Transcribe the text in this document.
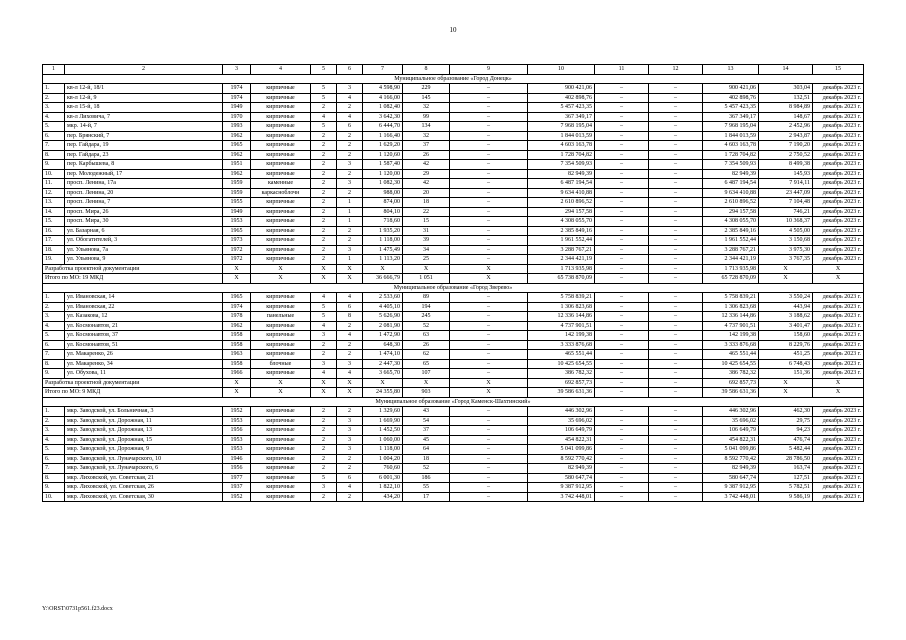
10
1	2	3	4	5	6	7	8	9	10	11	12	13	14	15
Муниципальное образование «Город Донецк»														
1.	кв-л 12-й, 18/1	1974	кирпичные	5	3	4 598,90	229	–	900 421,06	–	–	900 421,06	303,04	декабрь 2023 г.
2.	кв-л 12-й, 9	1974	кирпичные	5	4	4 166,00	145	–	402 898,76	–	–	402 898,76	132,51	декабрь 2023 г.
3.	кв-л 15-й, 18	1949	кирпичные	2	2	1 082,40	32	–	5 457 423,35	–	–	5 457 423,35	8 984,89	декабрь 2023 г.
4.	кв-л Лиховича, 7	1970	кирпичные	4	4	3 642,30	99	–	367 349,17	–	–	367 349,17	148,67	декабрь 2023 г.
5.	мкр. 14-й, 7	1993	кирпичные	5	6	6 444,70	134	–	7 968 195,04	–	–	7 968 195,04	2 452,96	декабрь 2023 г.
6.	пер. Брянский, 7	1962	кирпичные	2	2	1 166,40	32	–	1 844 013,59	–	–	1 844 013,59	2 943,87	декабрь 2023 г.
7.	пер. Гайдара, 19	1965	кирпичные	2	2	1 629,20	37	–	4 603 163,78	–	–	4 603 163,78	7 190,20	декабрь 2023 г.
8.	пер. Гайдара, 23	1962	кирпичные	2	2	1 120,60	26	–	1 728 704,82	–	–	1 728 704,82	2 750,52	декабрь 2023 г.
9.	пер. Карбышева, 8	1951	кирпичные	2	3	1 587,40	42	–	7 354 509,93	–	–	7 354 509,93	8 499,38	декабрь 2023 г.
10.	пер. Молодежный, 17	1962	кирпичные	2	2	1 120,00	29	–	82 949,39	–	–	82 949,39	145,93	декабрь 2023 г.
11.	просп. Ленина, 17а	1959	каменные	2	3	1 082,30	42	–	6 487 194,54	–	–	6 487 194,54	7 914,11	декабрь 2023 г.
12.	просп. Ленина, 20	1959	каркасноблочн	2	2	988,00	20	–	9 634 410,88	–	–	9 634 410,88	23 447,09	декабрь 2023 г.
13.	просп. Ленина, 7	1955	кирпичные	2	1	874,00	18	–	2 610 896,52	–	–	2 610 896,52	7 104,48	декабрь 2023 г.
14.	просп. Мира, 26	1949	кирпичные	2	1	804,10	22	–	294 157,58	–	–	294 157,58	746,21	декабрь 2023 г.
15.	просп. Мира, 30	1953	кирпичные	2	1	718,60	15	–	4 308 055,70	–	–	4 308 055,70	10 368,37	декабрь 2023 г.
16.	ул. Базарная, 6	1965	кирпичные	2	2	1 935,20	31	–	2 385 849,16	–	–	2 385 849,16	4 505,00	декабрь 2023 г.
17.	ул. Обогатителей, 3	1973	кирпичные	2	2	1 118,00	39	–	1 961 552,44	–	–	1 961 552,44	3 150,68	декабрь 2023 г.
18.	ул. Ульянова, 7а	1972	кирпичные	2	3	1 475,49	34	–	3 288 767,21	–	–	3 288 767,21	3 975,30	декабрь 2023 г.
19.	ул. Ульянова, 9	1972	кирпичные	2	1	1 113,20	25	–	2 344 421,19	–	–	2 344 421,19	3 767,35	декабрь 2023 г.
Разработка проектной документации		X	X	X	X	X	X	X	1 713 935,98	–	–	1 713 935,98	X	X
Итого по МО: 19 МКД		X	X	X	X	36 666,79	1 051	X	65 738 870,09	–	–	65 728 870,09	X	X
Муниципальное образование «Город Зверево»														
1.	ул. Ивановская, 14	1965	кирпичные	4	4	2 533,60	89	–	5 758 839,21	–	–	5 758 839,21	3 550,24	декабрь 2023 г.
2.	ул. Ивановская, 22	1974	кирпичные	5	6	4 405,10	194	–	1 306 823,68	–	–	1 306 823,68	443,94	декабрь 2023 г.
3.	ул. Казакова, 12	1978	панельные	5	8	5 626,90	245	–	12 336 144,86	–	–	12 336 144,86	3 188,62	декабрь 2023 г.
4.	ул. Космонавтов, 21	1962	кирпичные	4	2	2 081,90	52	–	4 737 901,51	–	–	4 737 901,51	3 401,47	декабрь 2023 г.
5.	ул. Космонавтов, 37	1958	кирпичные	3	4	1 472,90	63	–	142 199,38	–	–	142 199,38	158,60	декабрь 2023 г.
6.	ул. Космонавтов, 51	1958	кирпичные	2	2	648,30	26	–	3 333 876,68	–	–	3 333 876,68	8 229,76	декабрь 2023 г.
7.	ул. Макаренко, 26	1963	кирпичные	2	2	1 474,10	62	–	465 551,44	–	–	465 551,44	451,25	декабрь 2023 г.
8.	ул. Макаренко, 34	1958	блочные	3	3	2 447,30	65	–	10 425 654,55	–	–	10 425 654,55	6 748,43	декабрь 2023 г.
9.	ул. Обухова, 11	1966	кирпичные	4	4	3 665,70	107	–	386 782,32	–	–	386 782,32	151,36	декабрь 2023 г.
Разработка проектной документации		X	X	X	X	X	X	X	692 857,73	–	–	692 857,73	X	X
Итого по МО: 9 МКД		X	X	X	X	24 355,80	903	X	39 586 631,36	–	–	39 586 631,36	X	X
Муниципальное образование «Город Каменск-Шахтинский»														
1.	мкр. Заводской, ул. Больничная, 3	1952	кирпичные	2	2	1 329,60	43	–	446 302,96	–	–	446 302,96	462,30	декабрь 2023 г.
2.	мкр. Заводской, ул. Дорожная, 11	1953	кирпичные	2	3	1 669,90	54	–	35 696,02	–	–	35 696,02	29,75	декабрь 2023 г.
3.	мкр. Заводской, ул. Дорожная, 13	1956	кирпичные	2	3	1 452,50	37	–	106 649,79	–	–	106 649,79	94,23	декабрь 2023 г.
4.	мкр. Заводской, ул. Дорожная, 15	1953	кирпичные	2	3	1 060,00	45	–	454 822,31	–	–	454 822,31	476,74	декабрь 2023 г.
5.	мкр. Заводской, ул. Дорожная, 9	1953	кирпичные	2	3	1 118,00	64	–	5 041 099,86	–	–	5 041 099,86	5 482,44	декабрь 2023 г.
6.	мкр. Заводской, ул. Луначарского, 10	1946	кирпичные	2	2	1 004,20	18	–	8 592 770,42	–	–	8 592 770,42	28 786,50	декабрь 2023 г.
7.	мкр. Заводской, ул. Луначарского, 6	1956	кирпичные	2	2	760,60	52	–	82 949,39	–	–	82 949,39	163,74	декабрь 2023 г.
8.	мкр. Лиховской, ул. Советская, 21	1977	кирпичные	5	6	6 001,30	186	–	580 647,74	–	–	580 647,74	127,51	декабрь 2023 г.
9.	мкр. Лиховской, ул. Советская, 26	1937	кирпичные	3	4	1 822,10	55	–	9 387 912,95	–	–	9 387 912,95	5 782,51	декабрь 2023 г.
10.	мкр. Лиховской, ул. Советская, 30	1952	кирпичные	2	2	434,20	17	–	3 742 448,01	–	–	3 742 448,01	9 586,19	декабрь 2023 г.
Y:\ORST\0731p561.f23.docx
